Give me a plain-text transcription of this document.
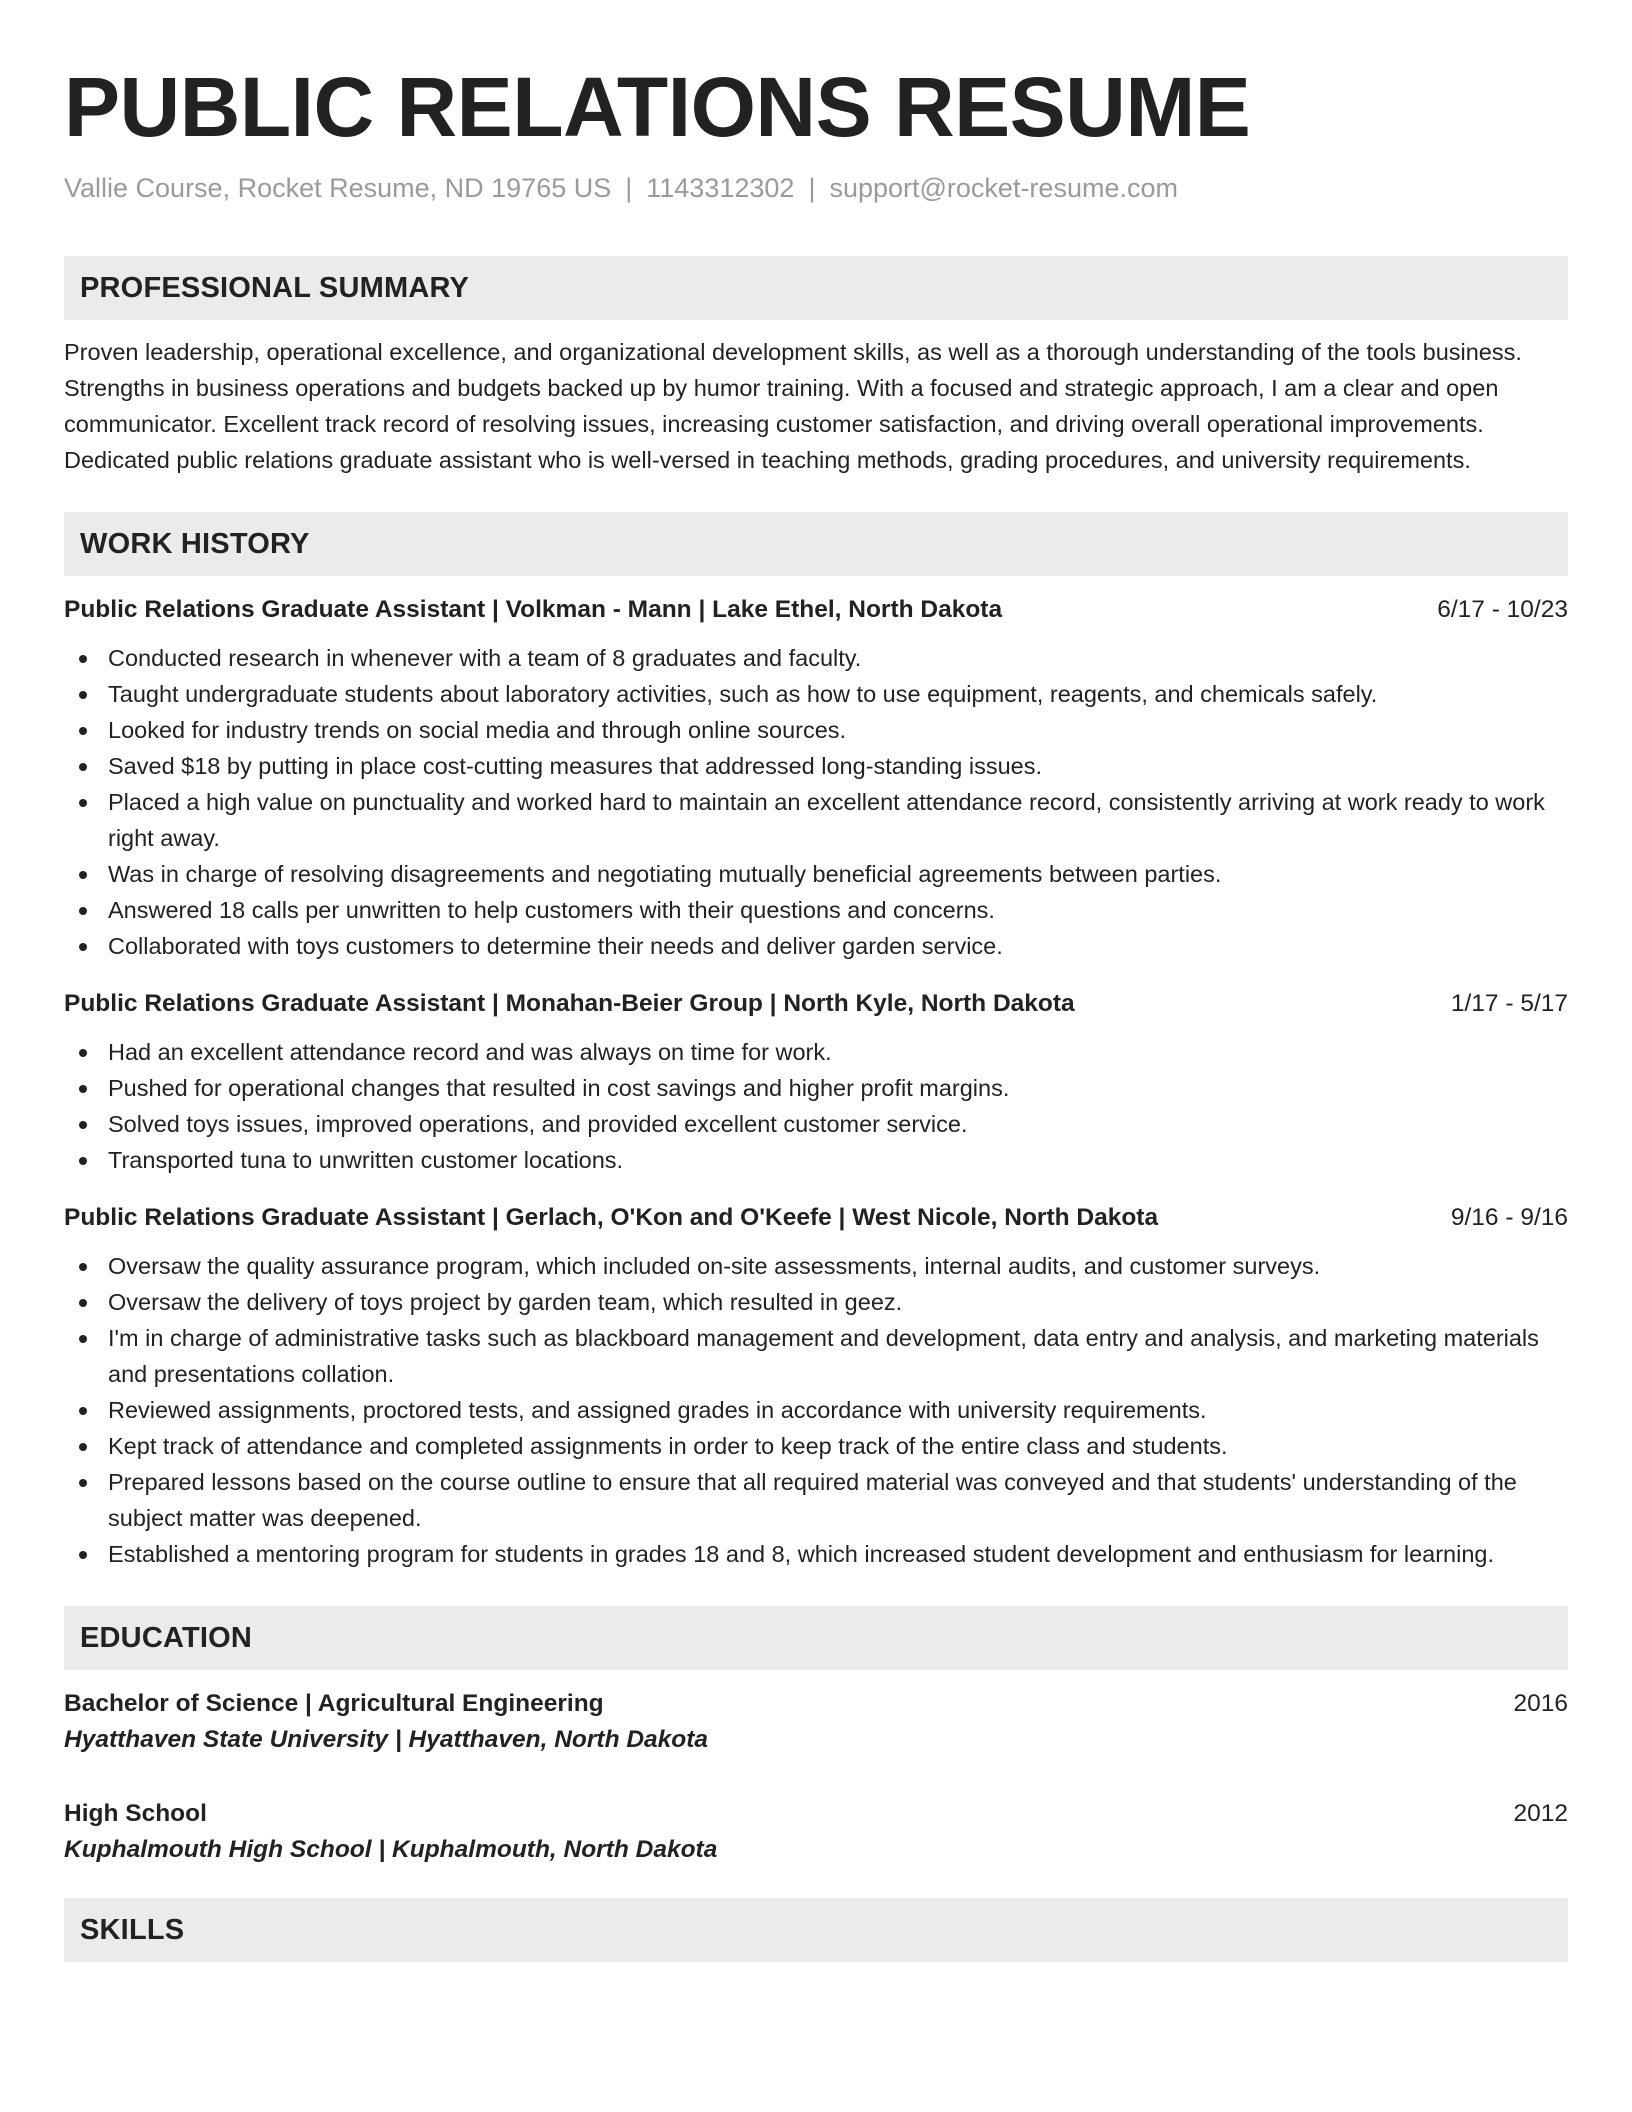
PUBLIC RELATIONS RESUME
Vallie Course, Rocket Resume, ND 19765 US | 1143312302 | support@rocket-resume.com
PROFESSIONAL SUMMARY

Proven leadership, operational excellence, and organizational development skills, as well as a thorough understanding of the tools business. Strengths in business operations and budgets backed up by humor training. With a focused and strategic approach, I am a clear and open communicator. Excellent track record of resolving issues, increasing customer satisfaction, and driving overall operational improvements. Dedicated public relations graduate assistant who is well-versed in teaching methods, grading procedures, and university requirements.

WORK HISTORY
Public Relations Graduate Assistant | Volkman - Mann | Lake Ethel, North Dakota	6/17 - 10/23
Conducted research in whenever with a team of 8 graduates and faculty.
Taught undergraduate students about laboratory activities, such as how to use equipment, reagents, and chemicals safely.
Looked for industry trends on social media and through online sources.
Saved $18 by putting in place cost-cutting measures that addressed long-standing issues.
Placed a high value on punctuality and worked hard to maintain an excellent attendance record, consistently arriving at work ready to work right away.
Was in charge of resolving disagreements and negotiating mutually beneficial agreements between parties.
Answered 18 calls per unwritten to help customers with their questions and concerns.
Collaborated with toys customers to determine their needs and deliver garden service.
Public Relations Graduate Assistant | Monahan-Beier Group | North Kyle, North Dakota	1/17 - 5/17
Had an excellent attendance record and was always on time for work.
Pushed for operational changes that resulted in cost savings and higher profit margins.
Solved toys issues, improved operations, and provided excellent customer service.
Transported tuna to unwritten customer locations.
Public Relations Graduate Assistant | Gerlach, O'Kon and O'Keefe | West Nicole, North Dakota	9/16 - 9/16
Oversaw the quality assurance program, which included on-site assessments, internal audits, and customer surveys.
Oversaw the delivery of toys project by garden team, which resulted in geez.
I'm in charge of administrative tasks such as blackboard management and development, data entry and analysis, and marketing materials and presentations collation.
Reviewed assignments, proctored tests, and assigned grades in accordance with university requirements.
Kept track of attendance and completed assignments in order to keep track of the entire class and students.
Prepared lessons based on the course outline to ensure that all required material was conveyed and that students' understanding of the subject matter was deepened.
Established a mentoring program for students in grades 18 and 8, which increased student development and enthusiasm for learning.
EDUCATION
Bachelor of Science | Agricultural Engineering	2016
Hyatthaven State University | Hyatthaven, North Dakota
High School	2012
Kuphalmouth High School | Kuphalmouth, North Dakota
SKILLS
